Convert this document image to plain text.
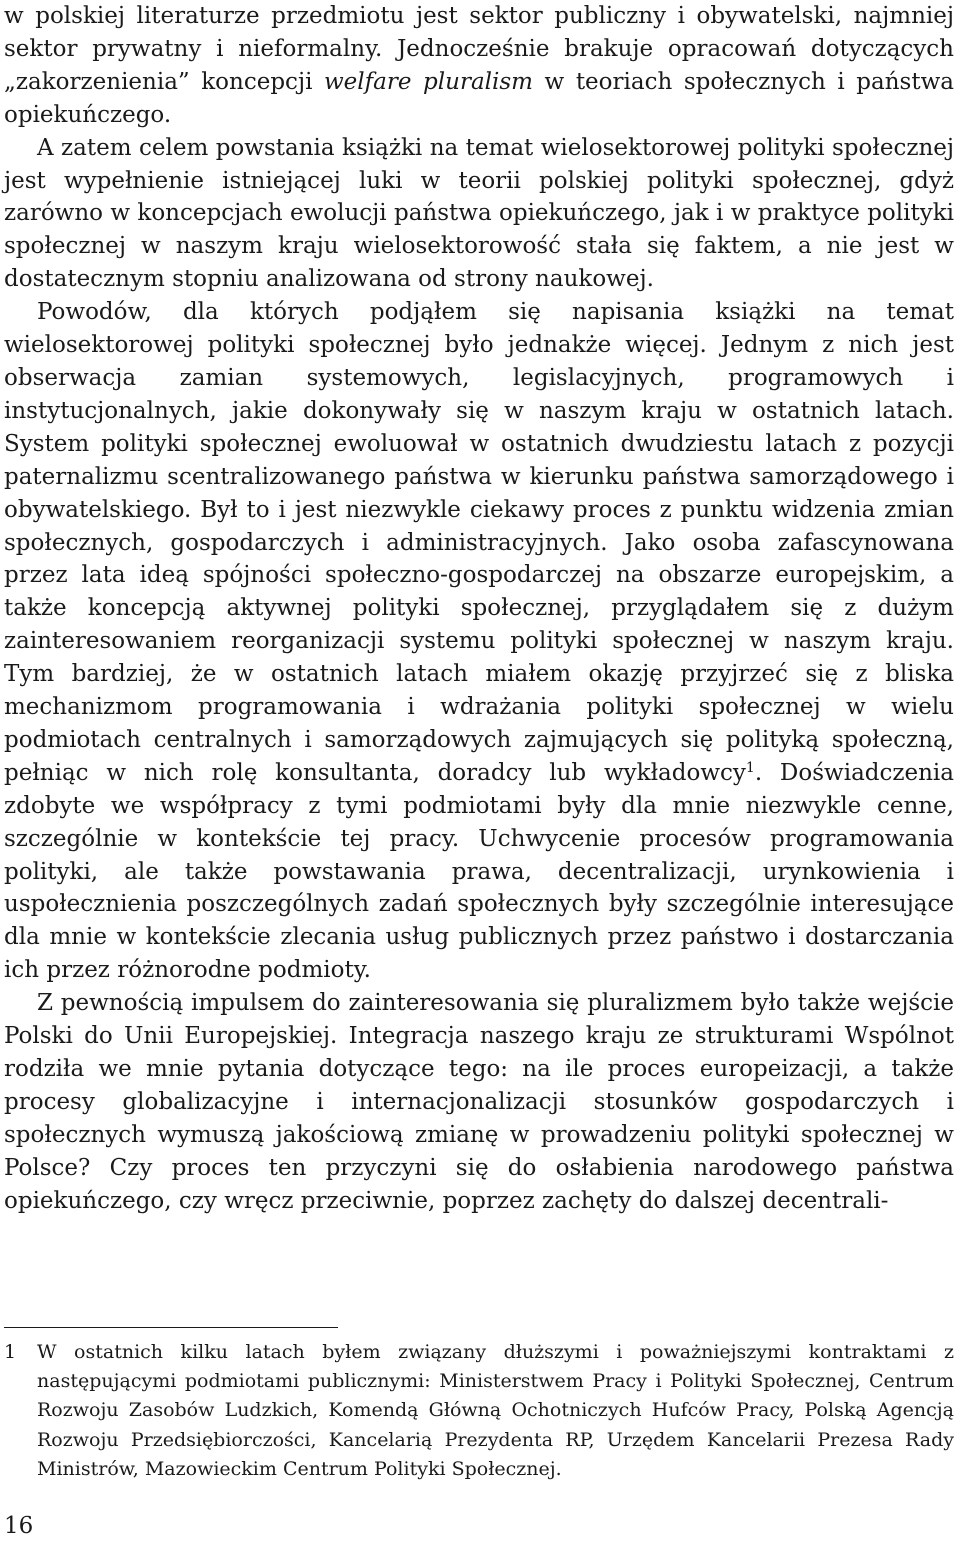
w polskiej literaturze przedmiotu jest sektor publiczny i obywatelski, najmniej sektor prywatny i nieformalny. Jednocześnie brakuje opracowań dotyczących „zakorzenienia” koncepcji welfare pluralism w teoriach społecznych i państwa opiekuńczego.

A zatem celem powstania książki na temat wielosektorowej polityki społecznej jest wypełnienie istniejącej luki w teorii polskiej polityki społecznej, gdyż zarówno w koncepcjach ewolucji państwa opiekuńczego, jak i w praktyce polityki społecznej w naszym kraju wielosektorowość stała się faktem, a nie jest w dostatecznym stopniu analizowana od strony naukowej.

Powodów, dla których podjąłem się napisania książki na temat wielosektorowej polityki społecznej było jednakże więcej. Jednym z nich jest obserwacja zamian systemowych, legislacyjnych, programowych i instytucjonalnych, jakie dokonywały się w naszym kraju w ostatnich latach. System polityki społecznej ewoluował w ostatnich dwudziestu latach z pozycji paternalizmu scentralizowanego państwa w kierunku państwa samorządowego i obywatelskiego. Był to i jest niezwykle ciekawy proces z punktu widzenia zmian społecznych, gospodarczych i administracyjnych. Jako osoba zafascynowana przez lata ideą spójności społeczno-gospodarczej na obszarze europejskim, a także koncepcją aktywnej polityki społecznej, przyglądałem się z dużym zainteresowaniem reorganizacji systemu polityki społecznej w naszym kraju. Tym bardziej, że w ostatnich latach miałem okazję przyjrzeć się z bliska mechanizmom programowania i wdrażania polityki społecznej w wielu podmiotach centralnych i samorządowych zajmujących się polityką społeczną, pełniąc w nich rolę konsultanta, doradcy lub wykładowcy$^1$. Doświadczenia zdobyte we współpracy z tymi podmiotami były dla mnie niezwykle cenne, szczególnie w kontekście tej pracy. Uchwycenie procesów programowania polityki, ale także powstawania prawa, decentralizacji, urynkowienia i uspołecznienia poszczególnych zadań społecznych były szczególnie interesujące dla mnie w kontekście zlecania usług publicznych przez państwo i dostarczania ich przez różnorodne podmioty.

Z pewnością impulsem do zainteresowania się pluralizmem było także wejście Polski do Unii Europejskiej. Integracja naszego kraju ze strukturami Wspólnot rodziła we mnie pytania dotyczące tego: na ile proces europeizacji, a także procesy globalizacyjne i internacjonalizacji stosunków gospodarczych i społecznych wymuszą jakościową zmianę w prowadzeniu polityki społecznej w Polsce? Czy proces ten przyczyni się do osłabienia narodowego państwa opiekuńczego, czy wręcz przeciwnie, poprzez zachęty do dalszej decentrali-

1	W ostatnich kilku latach byłem związany dłuższymi i poważniejszymi kontraktami z następującymi podmiotami publicznymi: Ministerstwem Pracy i Polityki Społecznej, Centrum Rozwoju Zasobów Ludzkich, Komendą Główną Ochotniczych Hufców Pracy, Polską Agencją Rozwoju Przedsiębiorczości, Kancelarią Prezydenta RP, Urzędem Kancelarii Prezesa Rady Ministrów, Mazowieckim Centrum Polityki Społecznej.
16
